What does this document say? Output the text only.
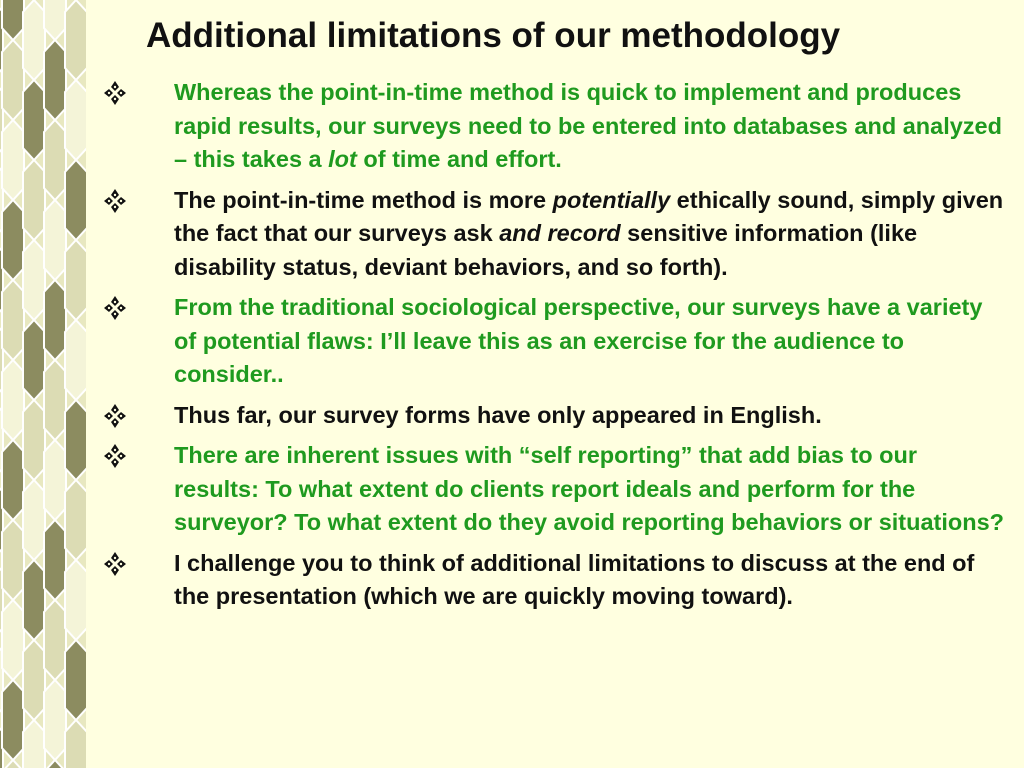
Additional limitations of our methodology
Whereas the point-in-time method is quick to implement and produces rapid results, our surveys need to be entered into databases and analyzed – this takes a lot of time and effort.
The point-in-time method is more potentially ethically sound, simply given the fact that our surveys ask and record sensitive information (like disability status, deviant behaviors, and so forth).
From the traditional sociological perspective, our surveys have a variety of potential flaws: I’ll leave this as an exercise for the audience to consider..
Thus far, our survey forms have only appeared in English.
There are inherent issues with “self reporting” that add bias to our results: To what extent do clients report ideals and perform for the surveyor? To what extent do they avoid reporting behaviors or situations?
I challenge you to think of additional limitations to discuss at the end of the presentation (which we are quickly moving toward).
